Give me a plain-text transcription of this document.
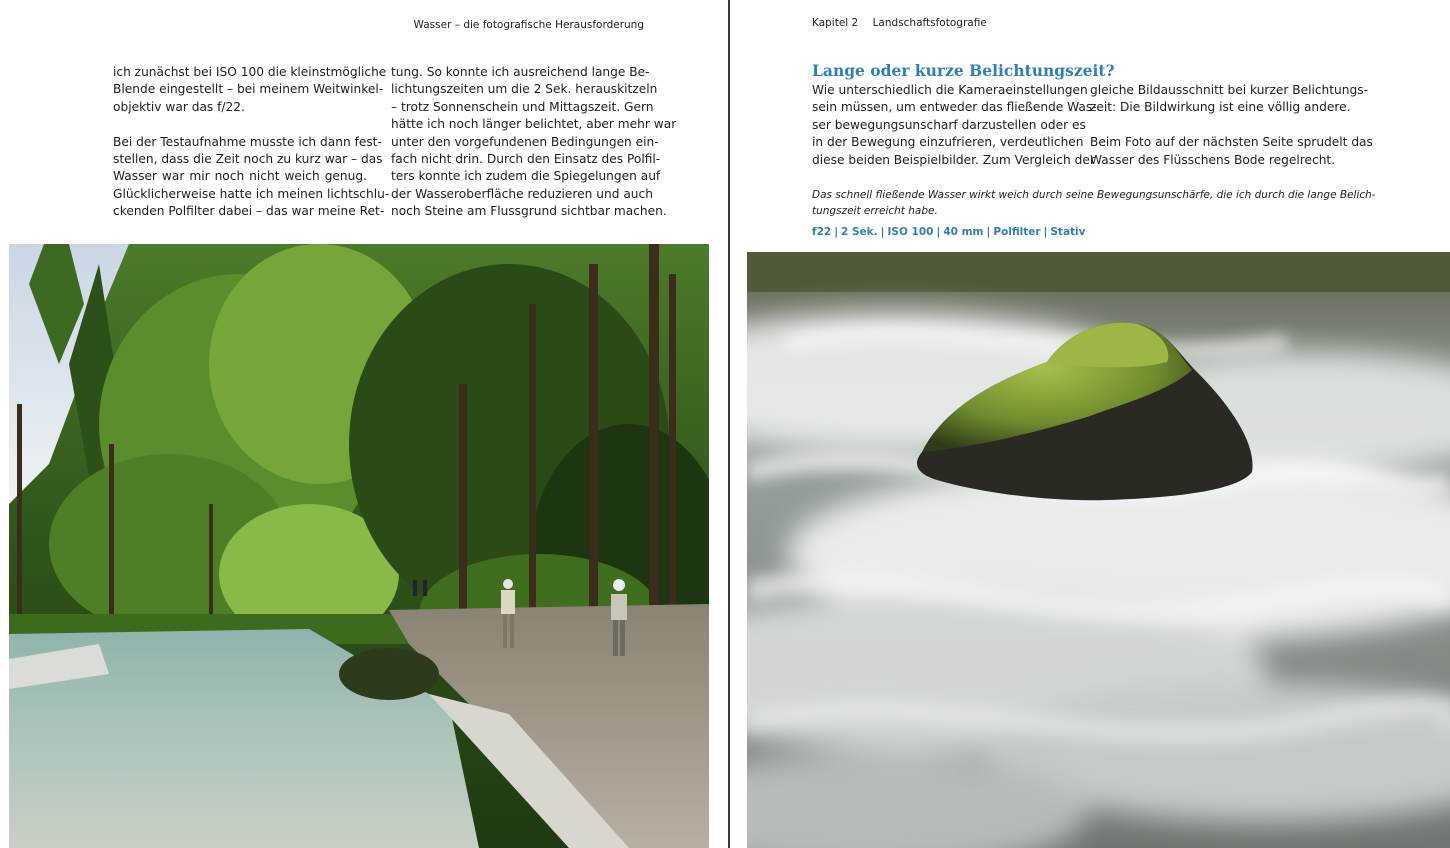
Wasser – die fotografische Herausforderung

ich zunächst bei ISO 100 die kleinstmögliche
Blende eingestellt – bei meinem Weitwinkel-
objektiv war das f/22.

Bei der Testaufnahme musste ich dann fest-
stellen, dass die Zeit noch zu kurz war – das
Wasser war mir noch nicht weich genug.
Glücklicherweise hatte ich meinen lichtschlu-
ckenden Polfilter dabei – das war meine Ret-

tung. So konnte ich ausreichend lange Be-
lichtungszeiten um die 2 Sek. herauskitzeln
– trotz Sonnenschein und Mittagszeit. Gern
hätte ich noch länger belichtet, aber mehr war
unter den vorgefundenen Bedingungen ein-
fach nicht drin. Durch den Einsatz des Polfil-
ters konnte ich zudem die Spiegelungen auf
der Wasseroberfläche reduzieren und auch
noch Steine am Flussgrund sichtbar machen.

Kapitel 2 Landschaftsfotografie
Lange oder kurze Belichtungszeit?

Wie unterschiedlich die Kameraeinstellungen
sein müssen, um entweder das fließende Was-
ser bewegungsunscharf darzustellen oder es
in der Bewegung einzufrieren, verdeutlichen
diese beiden Beispielbilder. Zum Vergleich der

gleiche Bildausschnitt bei kurzer Belichtungs-
zeit: Die Bildwirkung ist eine völlig andere.

Beim Foto auf der nächsten Seite sprudelt das
Wasser des Flüsschens Bode regelrecht.

Das schnell fließende Wasser wirkt weich durch seine Bewegungsunschärfe, die ich durch die lange Belich-
tungszeit erreicht habe.
f22 | 2 Sek. | ISO 100 | 40 mm | Polfilter | Stativ
